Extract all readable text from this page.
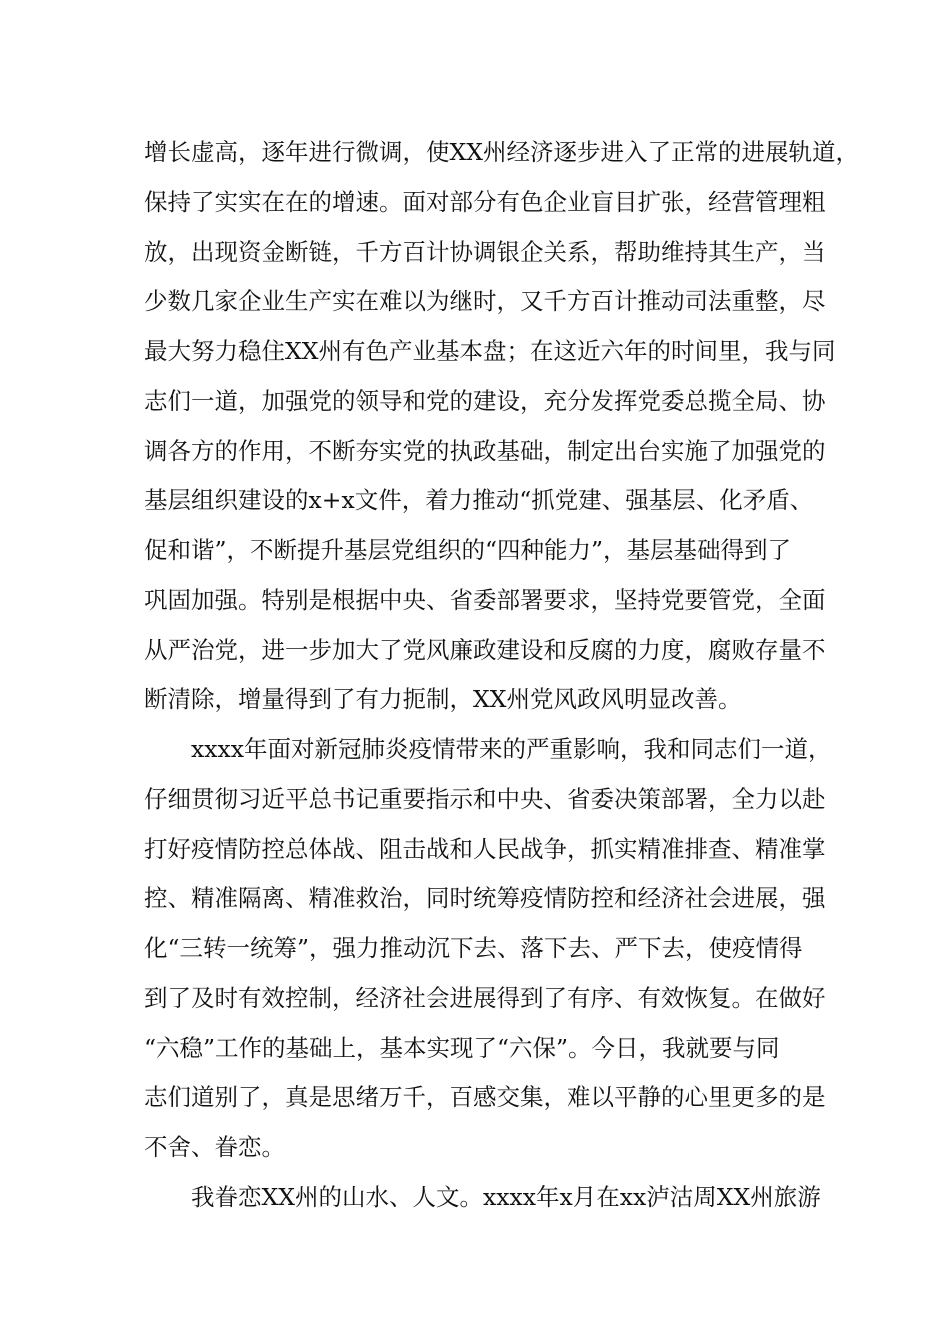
增长虚高，逐年进行微调，使XX州经济逐步进入了正常的进展轨道，
保持了实实在在的增速。面对部分有色企业盲目扩张，经营管理粗
放，出现资金断链，千方百计协调银企关系，帮助维持其生产，当
少数几家企业生产实在难以为继时，又千方百计推动司法重整，尽
最大努力稳住XX州有色产业基本盘；在这近六年的时间里，我与同
志们一道，加强党的领导和党的建设，充分发挥党委总揽全局、协
调各方的作用，不断夯实党的执政基础，制定出台实施了加强党的
基层组织建设的x+x文件，着力推动“抓党建、强基层、化矛盾、
促和谐”，不断提升基层党组织的“四种能力”，基层基础得到了
巩固加强。特别是根据中央、省委部署要求，坚持党要管党，全面
从严治党，进一步加大了党风廉政建设和反腐的力度，腐败存量不
断清除，增量得到了有力扼制，XX州党风政风明显改善。
xxxx年面对新冠肺炎疫情带来的严重影响，我和同志们一道，
仔细贯彻习近平总书记重要指示和中央、省委决策部署，全力以赴
打好疫情防控总体战、阻击战和人民战争，抓实精准排查、精准掌
控、精准隔离、精准救治，同时统筹疫情防控和经济社会进展，强
化“三转一统筹”，强力推动沉下去、落下去、严下去，使疫情得
到了及时有效控制，经济社会进展得到了有序、有效恢复。在做好
“六稳”工作的基础上，基本实现了“六保”。今日，我就要与同
志们道别了，真是思绪万千，百感交集，难以平静的心里更多的是
不舍、眷恋。
我眷恋XX州的山水、人文。xxxx年x月在xx泸沽周XX州旅游
